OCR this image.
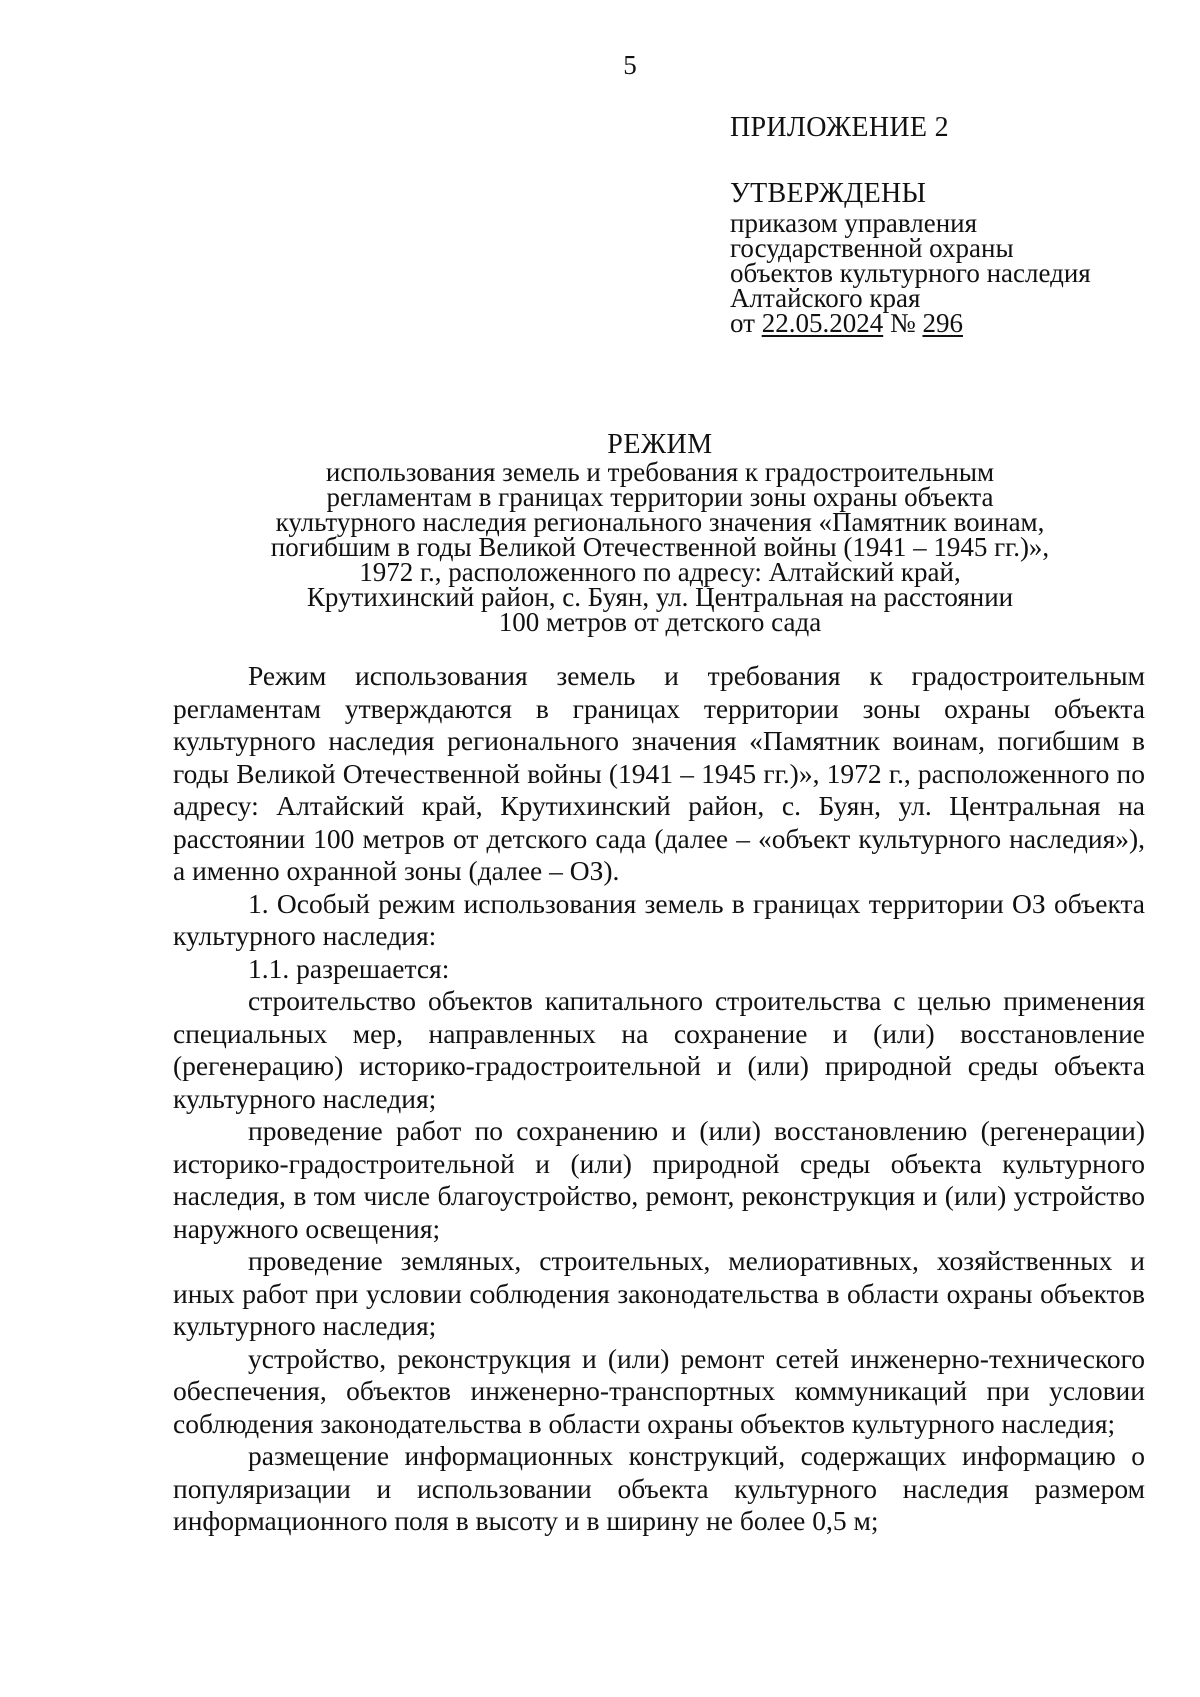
5
ПРИЛОЖЕНИЕ 2
УТВЕРЖДЕНЫ
приказом управления
государственной охраны
объектов культурного наследия
Алтайского края
от 22.05.2024 № 296
РЕЖИМ
использования земель и требования к градостроительным
регламентам в границах территории зоны охраны объекта
культурного наследия регионального значения «Памятник воинам,
погибшим в годы Великой Отечественной войны (1941 – 1945 гг.)»,
1972 г., расположенного по адресу: Алтайский край,
Крутихинский район, с. Буян, ул. Центральная на расстоянии
100 метров от детского сада

Режим использования земель и требования к градостроительным регламентам утверждаются в границах территории зоны охраны объекта культурного наследия регионального значения «Памятник воинам, погибшим в годы Великой Отечественной войны (1941 – 1945 гг.)», 1972 г., расположенного по адресу: Алтайский край, Крутихинский район, с. Буян, ул. Центральная на расстоянии 100 метров от детского сада (далее – «объект культурного наследия»), а именно охранной зоны (далее – ОЗ).

1. Особый режим использования земель в границах территории ОЗ объекта культурного наследия:

1.1. разрешается:

строительство объектов капитального строительства с целью применения специальных мер, направленных на сохранение и (или) восстановление (регенерацию) историко-градостроительной и (или) природной среды объекта культурного наследия;

проведение работ по сохранению и (или) восстановлению (регенерации) историко-градостроительной и (или) природной среды объекта культурного наследия, в том числе благоустройство, ремонт, реконструкция и (или) устройство наружного освещения;

проведение земляных, строительных, мелиоративных, хозяйственных и иных работ при условии соблюдения законодательства в области охраны объектов культурного наследия;

устройство, реконструкция и (или) ремонт сетей инженерно-технического обеспечения, объектов инженерно-транспортных коммуникаций при условии соблюдения законодательства в области охраны объектов культурного наследия;

размещение информационных конструкций, содержащих информацию о популяризации и использовании объекта культурного наследия размером информационного поля в высоту и в ширину не более 0,5 м;
